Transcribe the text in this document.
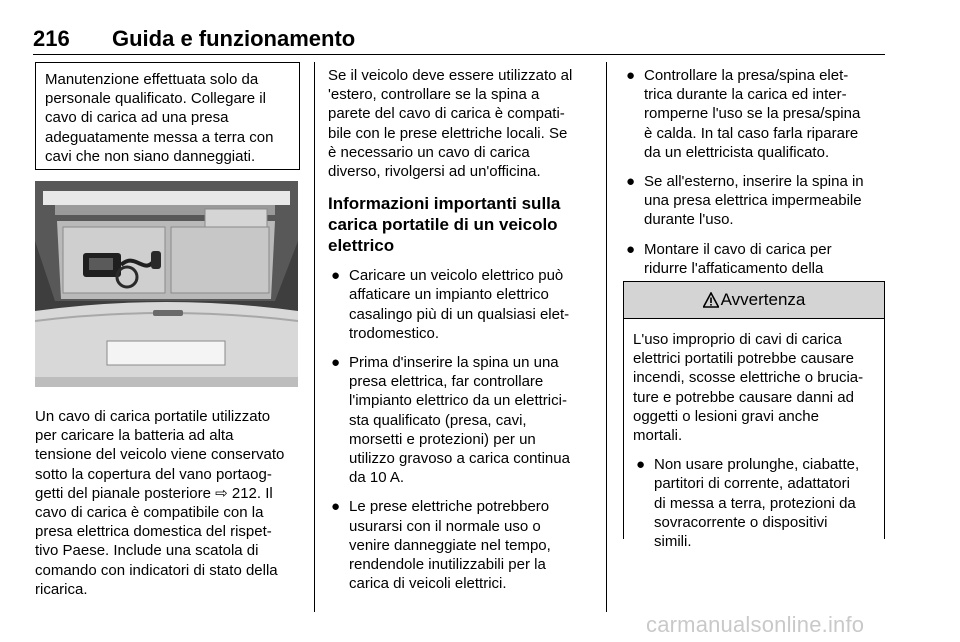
216 Guida e funzionamento
Manutenzione effettuata solo da
personale qualificato. Collegare il
cavo di carica ad una presa
adeguatamente messa a terra con
cavi che non siano danneggiati.
Un cavo di carica portatile utilizzato
per caricare la batteria ad alta
tensione del veicolo viene conservato
sotto la copertura del vano portaog-
getti del pianale posteriore ⇨ 212. Il
cavo di carica è compatibile con la
presa elettrica domestica del rispet-
tivo Paese. Include una scatola di
comando con indicatori di stato della
ricarica.
Se il veicolo deve essere utilizzato al
'estero, controllare se la spina a
parete del cavo di carica è compati-
bile con le prese elettriche locali. Se
è necessario un cavo di carica
diverso, rivolgersi ad un'officina.
Informazioni importanti sulla
carica portatile di un veicolo
elettrico
● Caricare un veicolo elettrico può
affaticare un impianto elettrico
casalingo più di un qualsiasi elet-
trodomestico.
● Prima d'inserire la spina un una
presa elettrica, far controllare
l'impianto elettrico da un elettrici-
sta qualificato (presa, cavi,
morsetti e protezioni) per un
utilizzo gravoso a carica continua
da 10 A.
● Le prese elettriche potrebbero
usurarsi con il normale uso o
venire danneggiate nel tempo,
rendendole inutilizzabili per la
carica di veicoli elettrici.
● Controllare la presa/spina elet-
trica durante la carica ed inter-
romperne l'uso se la presa/spina
è calda. In tal caso farla riparare
da un elettricista qualificato.
● Se all'esterno, inserire la spina in
una presa elettrica impermeabile
durante l'uso.
● Montare il cavo di carica per
ridurre l'affaticamento della
Avvertenza
L'uso improprio di cavi di carica
elettrici portatili potrebbe causare
incendi, scosse elettriche o brucia-
ture e potrebbe causare danni ad
oggetti o lesioni gravi anche
mortali.
● Non usare prolunghe, ciabatte,
partitori di corrente, adattatori
di messa a terra, protezioni da
sovracorrente o dispositivi
simili.
carmanualsonline.info
